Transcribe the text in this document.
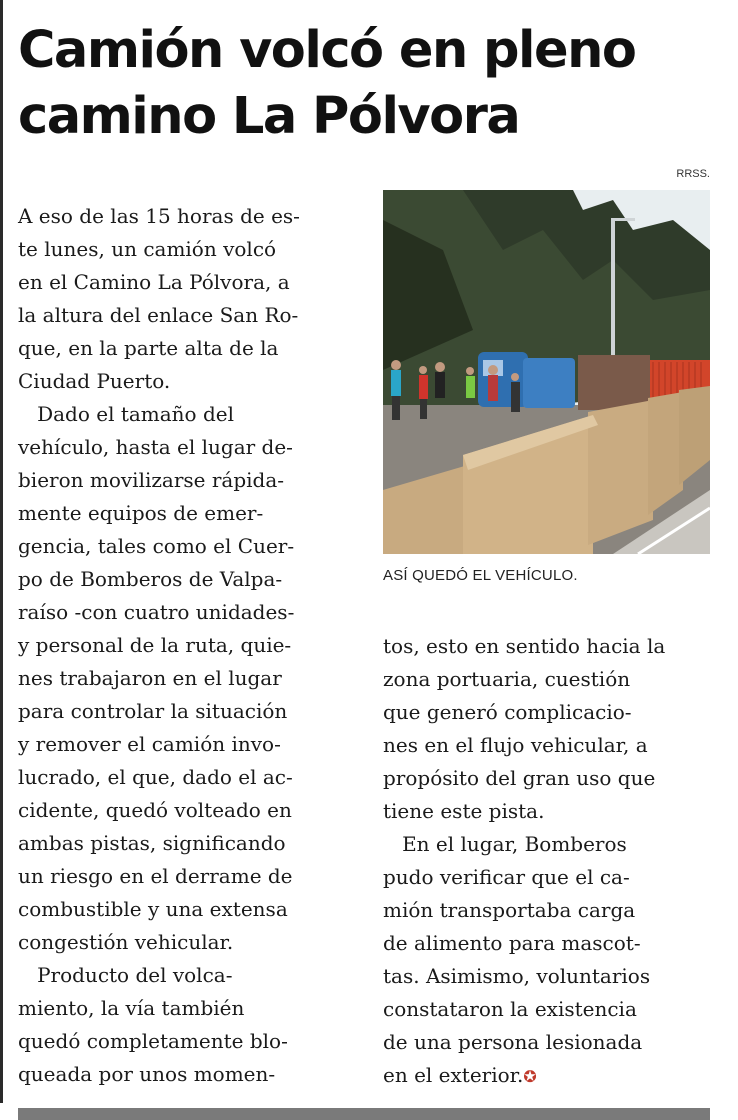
Camión volcó en pleno camino La Pólvora
RRSS.
ASÍ QUEDÓ EL VEHÍCULO.

A eso de las 15 horas de es-

te lunes, un camión volcó

en el Camino La Pólvora, a

la altura del enlace San Ro-

que, en la parte alta de la

Ciudad Puerto.

Dado el tamaño del

vehículo, hasta el lugar de-

bieron movilizarse rápida-

mente equipos de emer-

gencia, tales como el Cuer-

po de Bomberos de Valpa-

raíso -con cuatro unidades-

y personal de la ruta, quie-

nes trabajaron en el lugar

para controlar la situación

y remover el camión invo-

lucrado, el que, dado el ac-

cidente, quedó volteado en

ambas pistas, significando

un riesgo en el derrame de

combustible y una extensa

congestión vehicular.

Producto del volca-

miento, la vía también

quedó completamente blo-

queada por unos momen-

tos, esto en sentido hacia la

zona portuaria, cuestión

que generó complicacio-

nes en el flujo vehicular, a

propósito del gran uso que

tiene este pista.

En el lugar, Bomberos

pudo verificar que el ca-

mión transportaba carga

de alimento para mascot-

tas. Asimismo, voluntarios

constataron la existencia

de una persona lesionada

en el exterior.✪
